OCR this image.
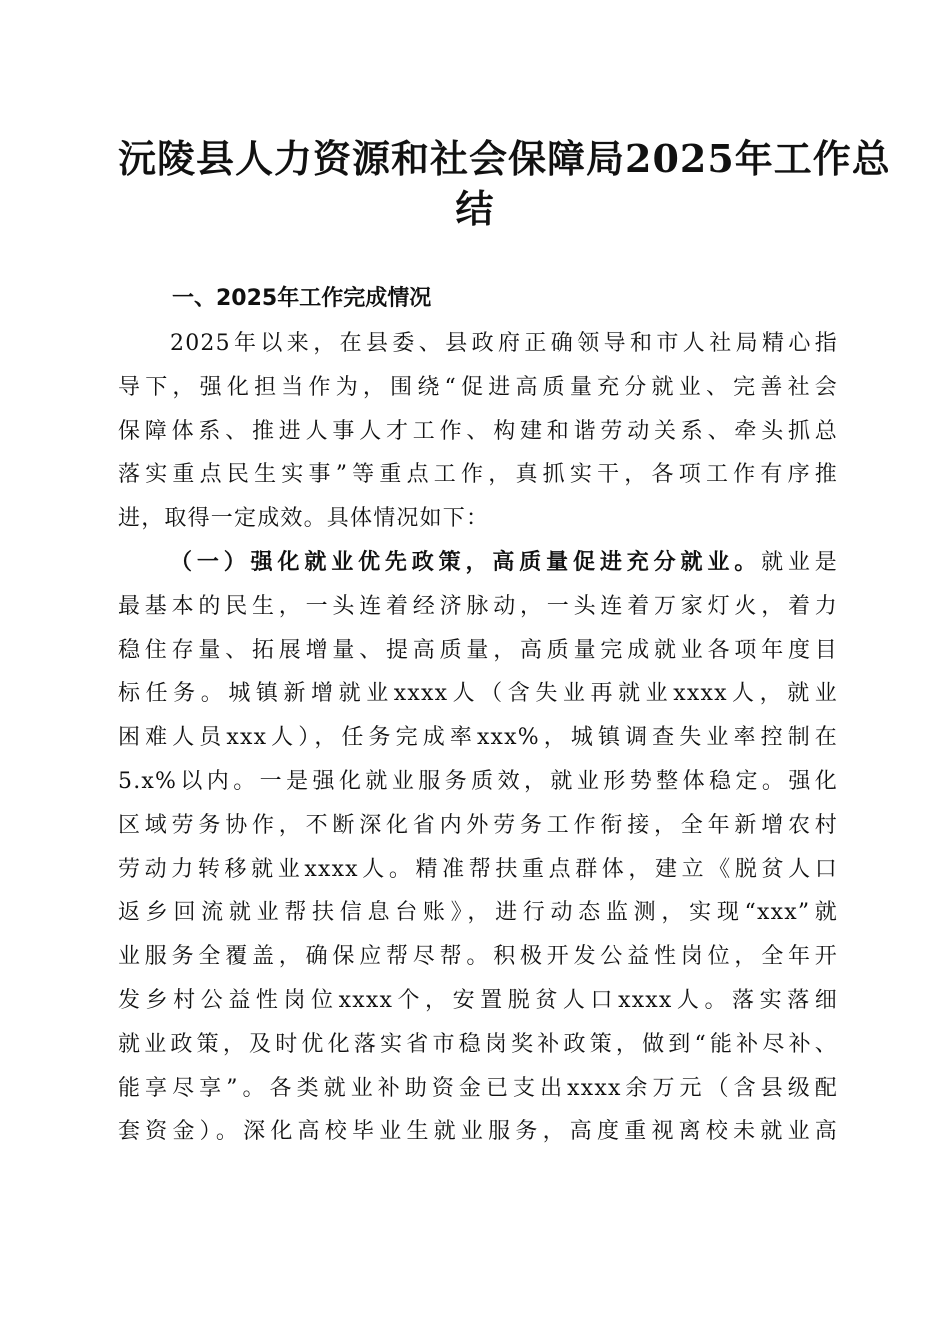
沅陵县人力资源和社会保障局2025年工作总
结
一、2025年工作完成情况
2025年以来，在县委、县政府正确领导和市人社局精心指
导下，强化担当作为，围绕“促进高质量充分就业、完善社会
保障体系、推进人事人才工作、构建和谐劳动关系、牵头抓总
落实重点民生实事”等重点工作，真抓实干，各项工作有序推
进，取得一定成效。具体情况如下：
（一）强化就业优先政策，高质量促进充分就业。就业是
最基本的民生，一头连着经济脉动，一头连着万家灯火，着力
稳住存量、拓展增量、提高质量，高质量完成就业各项年度目
标任务。城镇新增就业xxxx人（含失业再就业xxxx人，就业
困难人员xxx人），任务完成率xxx%，城镇调查失业率控制在
5.x%以内。一是强化就业服务质效，就业形势整体稳定。强化
区域劳务协作，不断深化省内外劳务工作衔接，全年新增农村
劳动力转移就业xxxx人。精准帮扶重点群体，建立《脱贫人口
返乡回流就业帮扶信息台账》，进行动态监测，实现“xxx”就
业服务全覆盖，确保应帮尽帮。积极开发公益性岗位，全年开
发乡村公益性岗位xxxx个，安置脱贫人口xxxx人。落实落细
就业政策，及时优化落实省市稳岗奖补政策，做到“能补尽补、
能享尽享”。各类就业补助资金已支出xxxx余万元（含县级配
套资金）。深化高校毕业生就业服务，高度重视离校未就业高
